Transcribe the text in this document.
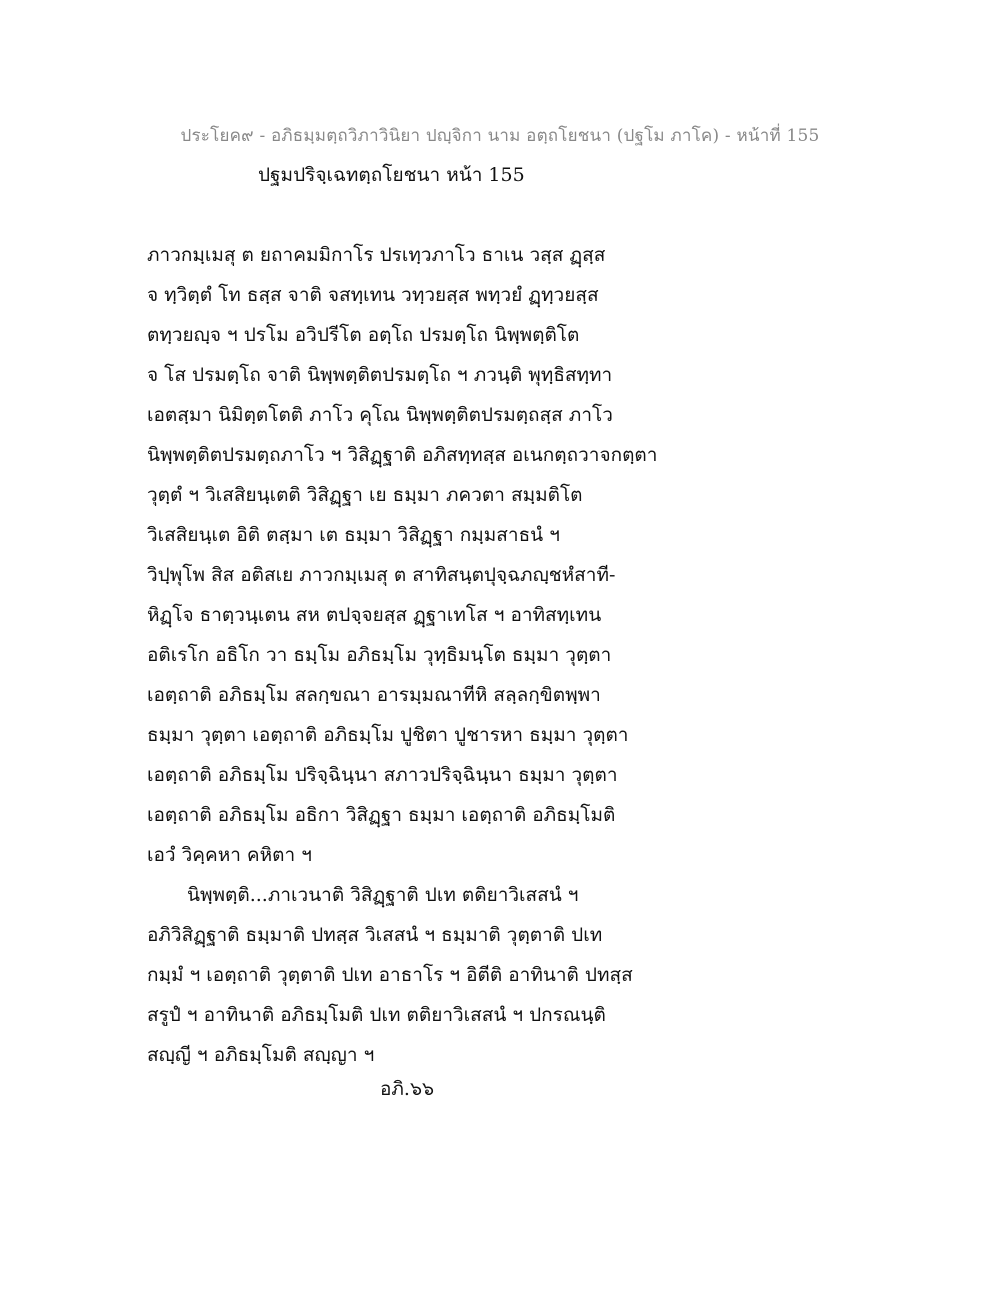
ประโยค๙ - อภิธมฺมตฺถวิภาวินิยา ปญฺจิกา นาม อตฺถโยชนา (ปฐโม ภาโค) - หน้าที่ 155
ปฐมปริจฺเฉทตฺถโยชนา หน้า 155
ภาวกมฺเมสุ ต ยถาคมมิกาโร ปรเทฺวภาโว ธาเน วสฺส ฏฺสฺส
จ ทฺวิตฺตํ โท ธสฺส จาติ จสทฺเทน วทฺวยสฺส พทฺวยํ ฏฺทฺวยสฺส
ตทฺวยญฺจ ฯ ปรโม อวิปรีโต อตฺโถ ปรมตฺโถ นิพฺพตฺติโต
จ โส ปรมตฺโถ จาติ นิพฺพตฺติตปรมตฺโถ ฯ ภวนฺติ พุทฺธิสทฺทา
เอตสฺมา นิมิตฺตโตติ ภาโว คุโณ นิพฺพตฺติตปรมตฺถสฺส ภาโว
นิพฺพตฺติตปรมตฺถภาโว ฯ วิสิฏฺฐาติ อภิสทฺทสฺส อเนกตฺถวาจกตฺตา
วุตฺตํ ฯ วิเสสิยนฺเตติ วิสิฏฺฐา เย ธมฺมา ภควตา สมฺมติโต
วิเสสิยนฺเต อิติ ตสฺมา เต ธมฺมา วิสิฏฺฐา กมฺมสาธนํ ฯ
วิปฺพุโพ สิส อติสเย ภาวกมฺเมสุ ต สาทิสนฺตปุจฺฉภญฺชหํสาที-
หิฏฺโจ ธาตฺวนฺเตน สห ตปจฺจยสฺส ฏฺฐาเทโส ฯ อาทิสทฺเทน
อติเรโก อธิโก วา ธมฺโม อภิธมฺโม วุทฺธิมนฺโต ธมฺมา วุตฺตา
เอตฺถาติ อภิธมฺโม สลกฺขณา อารมฺมณาทีหิ สลฺลกฺขิตพฺพา
ธมฺมา วุตฺตา เอตฺถาติ อภิธมฺโม ปูชิตา ปูชารหา ธมฺมา วุตฺตา
เอตฺถาติ อภิธมฺโม ปริจฺฉินฺนา สภาวปริจฺฉินฺนา ธมฺมา วุตฺตา
เอตฺถาติ อภิธมฺโม อธิกา วิสิฏฺฐา ธมฺมา เอตฺถาติ อภิธมฺโมติ
เอวํ วิคฺคหา คหิตา ฯ
นิพฺพตฺติ...ภาเวนาติ วิสิฏฺฐาติ ปเท ตติยาวิเสสนํ ฯ
อภิวิสิฏฺฐาติ ธมฺมาติ ปทสฺส วิเสสนํ ฯ ธมฺมาติ วุตฺตาติ ปเท
กมฺมํ ฯ เอตฺถาติ วุตฺตาติ ปเท อาธาโร ฯ อิตีติ อาทินาติ ปทสฺส
สรูปํ ฯ อาทินาติ อภิธมฺโมติ ปเท ตติยาวิเสสนํ ฯ ปกรณนฺติ
สญฺญี ฯ อภิธมฺโมติ สญฺญา ฯ
อภิ.๖๖
